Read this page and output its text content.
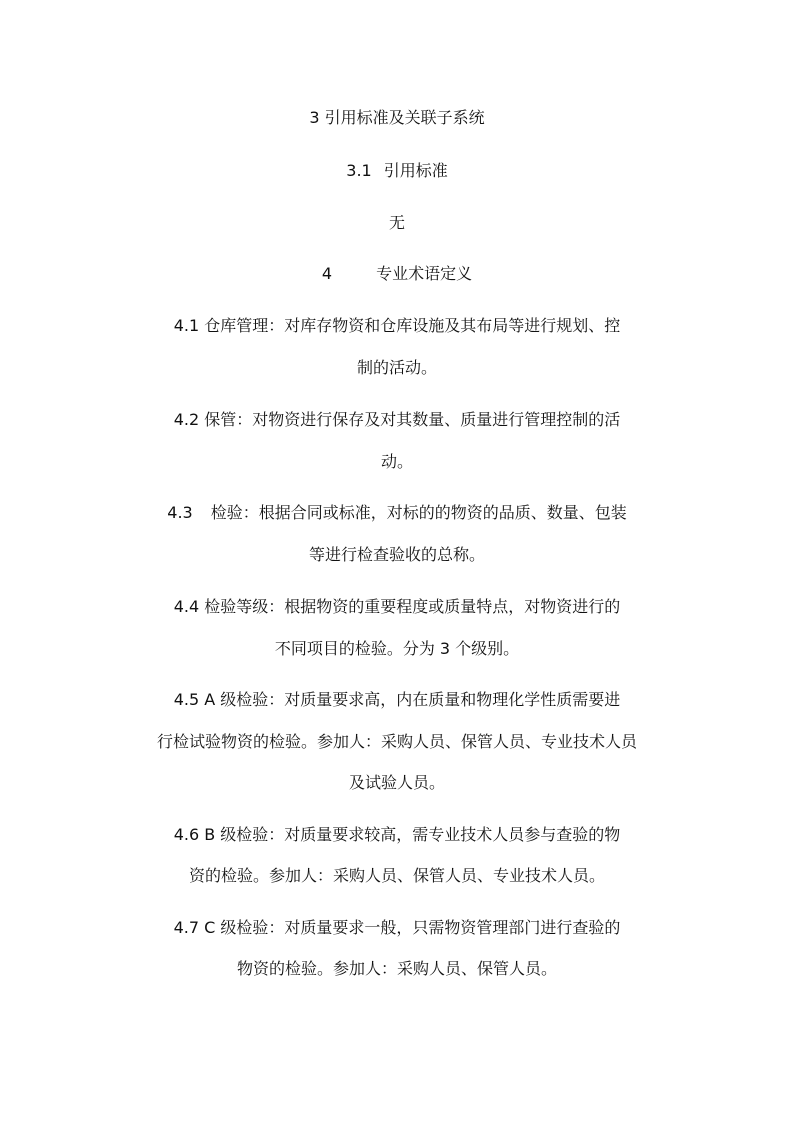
3 引用标准及关联子系统
3.1 引用标准
无
4	专业术语定义
4.1 仓库管理：对库存物资和仓库设施及其布局等进行规划、控
制的活动。
4.2 保管：对物资进行保存及对其数量、质量进行管理控制的活
动。
4.3 检验：根据合同或标准，对标的的物资的品质、数量、包装
等进行检查验收的总称。
4.4 检验等级：根据物资的重要程度或质量特点，对物资进行的
不同项目的检验。分为 3 个级别。
4.5 A 级检验：对质量要求高，内在质量和物理化学性质需要进
行检试验物资的检验。参加人：采购人员、保管人员、专业技术人员
及试验人员。
4.6 B 级检验：对质量要求较高，需专业技术人员参与查验的物
资的检验。参加人：采购人员、保管人员、专业技术人员。
4.7 C 级检验：对质量要求一般，只需物资管理部门进行查验的
物资的检验。参加人：采购人员、保管人员。
